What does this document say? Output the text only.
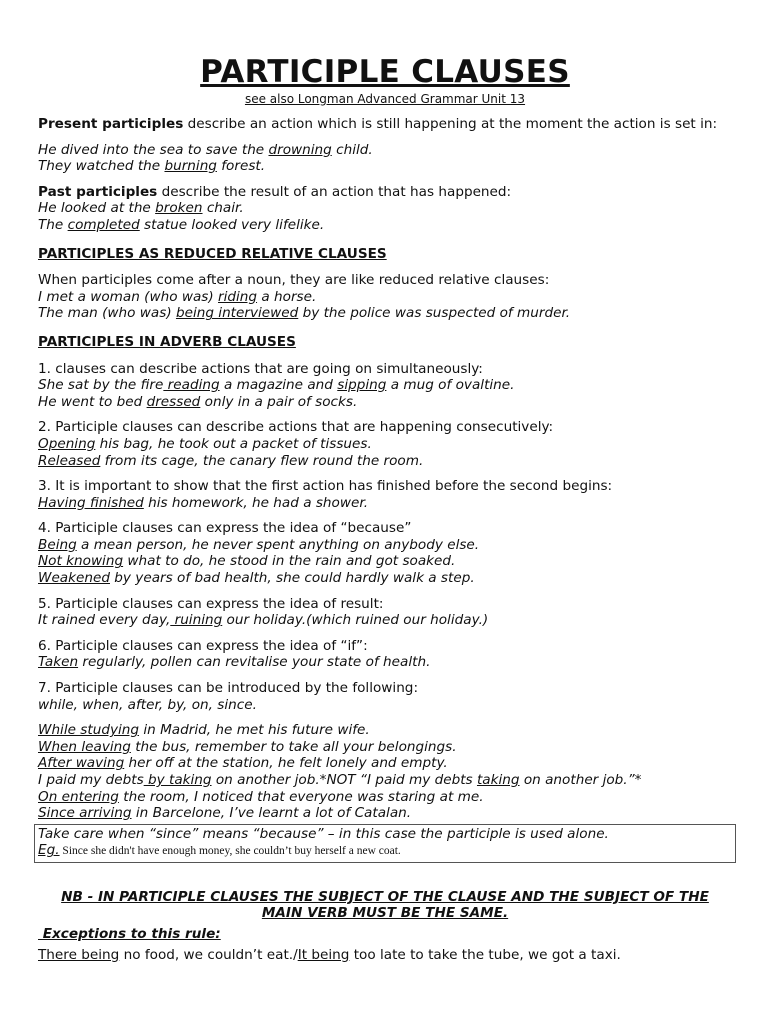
PARTICIPLE CLAUSES
see also Longman Advanced Grammar Unit 13

Present participles describe an action which is still happening at the moment the action is set in:

He dived into the sea to save the drowning child.

They watched the burning forest.

Past participles describe the result of an action that has happened:

He looked at the broken chair.

The completed statue looked very lifelike.

PARTICIPLES AS REDUCED RELATIVE CLAUSES

When participles come after a noun, they are like reduced relative clauses:

I met a woman (who was) riding a horse.

The man (who was) being interviewed by the police was suspected of murder.

PARTICIPLES IN ADVERB CLAUSES

1. clauses can describe actions that are going on simultaneously:

She sat by the fire reading a magazine and sipping a mug of ovaltine.

He went to bed dressed only in a pair of socks.

2. Participle clauses can describe actions that are happening consecutively:

Opening his bag, he took out a packet of tissues.

Released from its cage, the canary flew round the room.

3. It is important to show that the first action has finished before the second begins:

Having finished his homework, he had a shower.

4. Participle clauses can express the idea of “because”

Being a mean person, he never spent anything on anybody else.

Not knowing what to do, he stood in the rain and got soaked.

Weakened by years of bad health, she could hardly walk a step.

5. Participle clauses can express the idea of result:

It rained every day, ruining our holiday.(which ruined our holiday.)

6. Participle clauses can express the idea of “if”:

Taken regularly, pollen can revitalise your state of health.

7. Participle clauses can be introduced by the following:

while, when, after, by, on, since.

While studying in Madrid, he met his future wife.

When leaving the bus, remember to take all your belongings.

After waving her off at the station, he felt lonely and empty.

I paid my debts by taking on another job.*NOT “I paid my debts taking on another job.”*

On entering the room, I noticed that everyone was staring at me.

Since arriving in Barcelone, I’ve learnt a lot of Catalan.

Take care when “since” means “because” – in this case the participle is used alone.

Eg. Since she didn't have enough money, she couldn’t buy herself a new coat.

NB - IN PARTICIPLE CLAUSES THE SUBJECT OF THE CLAUSE AND THE SUBJECT OF THE
MAIN VERB MUST BE THE SAME.

Exceptions to this rule:

There being no food, we couldn’t eat./It being too late to take the tube, we got a taxi.
